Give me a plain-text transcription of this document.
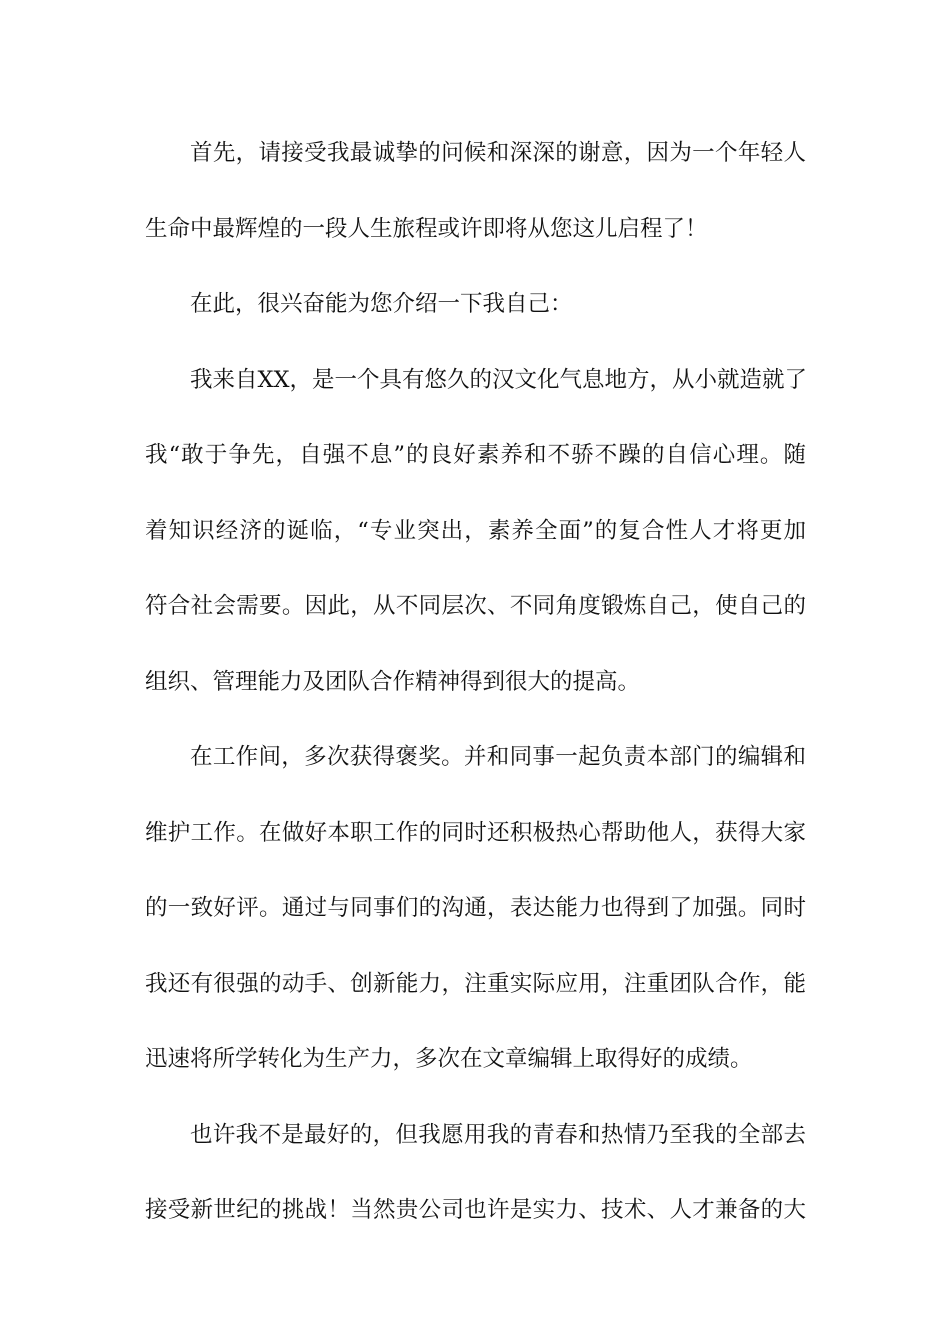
首先，请接受我最诚挚的问候和深深的谢意，因为一个年轻人
生命中最辉煌的一段人生旅程或许即将从您这儿启程了！
在此，很兴奋能为您介绍一下我自己：
我来自XX，是一个具有悠久的汉文化气息地方，从小就造就了
我“敢于争先，自强不息”的良好素养和不骄不躁的自信心理。随
着知识经济的诞临，“专业突出，素养全面”的复合性人才将更加
符合社会需要。因此，从不同层次、不同角度锻炼自己，使自己的
组织、管理能力及团队合作精神得到很大的提高。
在工作间，多次获得褒奖。并和同事一起负责本部门的编辑和
维护工作。在做好本职工作的同时还积极热心帮助他人，获得大家
的一致好评。通过与同事们的沟通，表达能力也得到了加强。同时
我还有很强的动手、创新能力，注重实际应用，注重团队合作，能
迅速将所学转化为生产力，多次在文章编辑上取得好的成绩。
也许我不是最好的，但我愿用我的青春和热情乃至我的全部去
接受新世纪的挑战！当然贵公司也许是实力、技术、人才兼备的大
